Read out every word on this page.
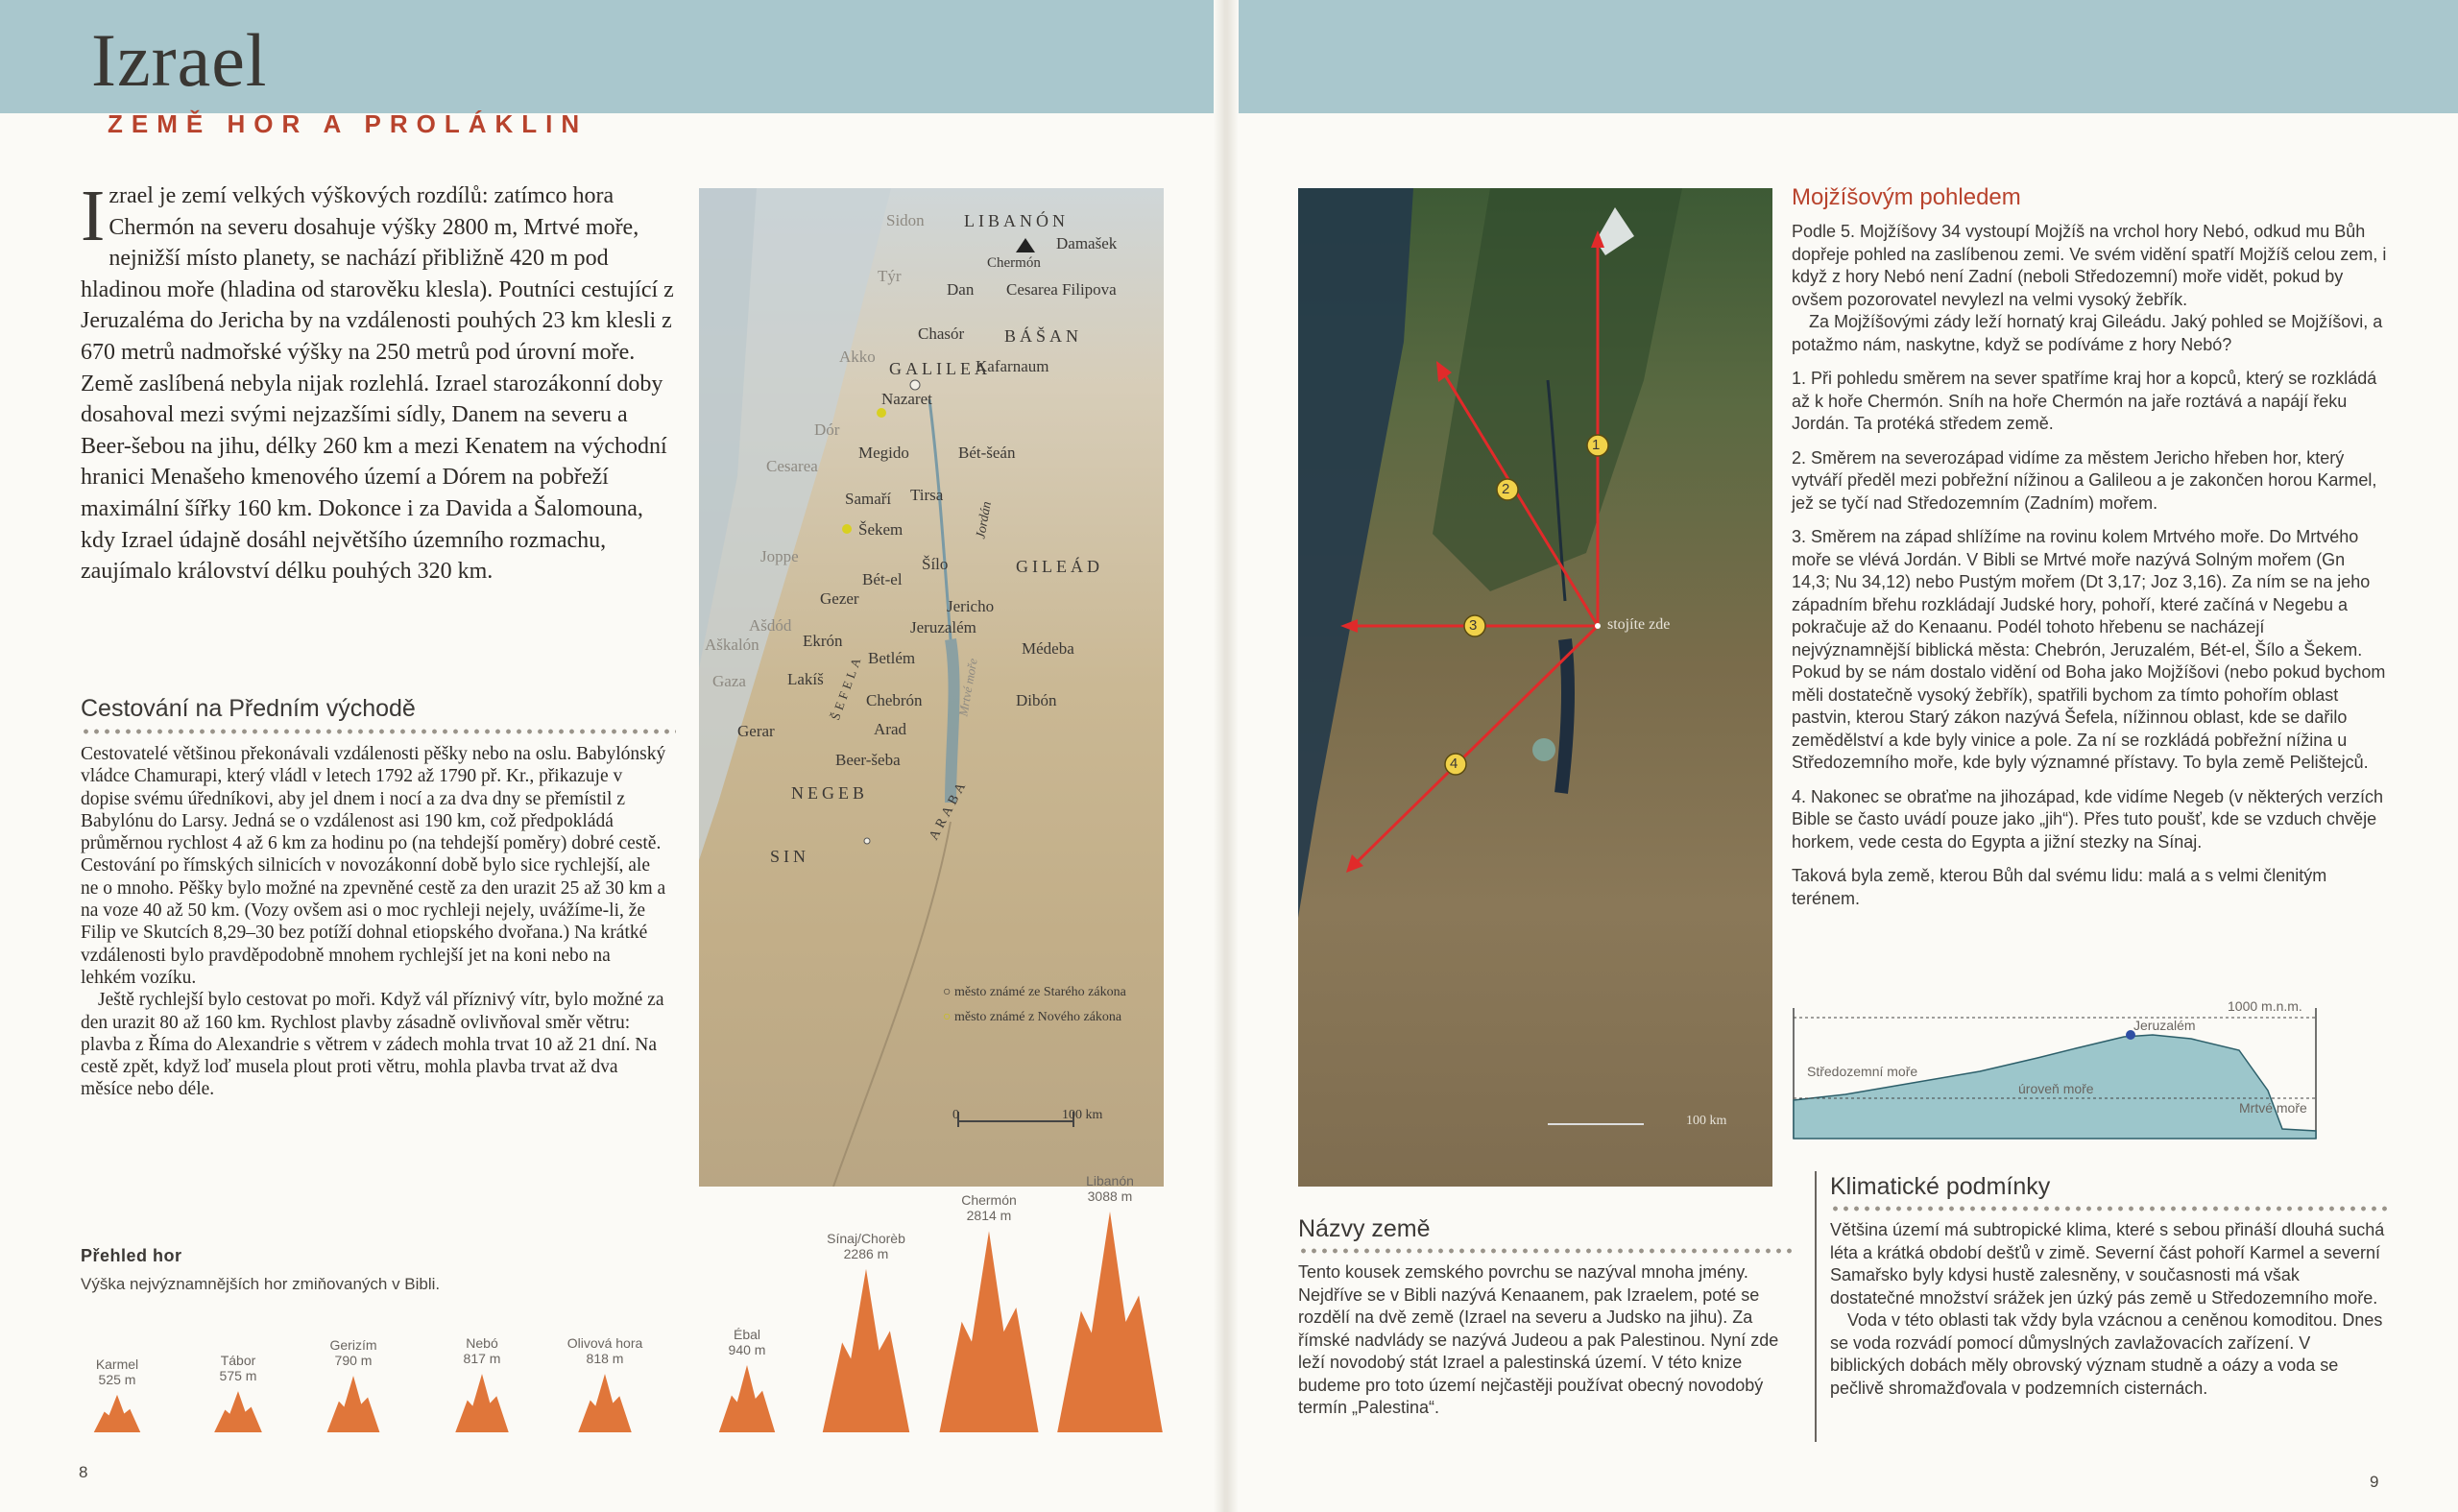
Izrael
ZEMĚ HOR A PROLÁKLIN

Izrael je zemí velkých výškových rozdílů: zatímco hora Chermón na severu dosahuje výšky 2800 m, Mrtvé moře, nejnižší místo planety, se nachází přibližně 420 m pod hladinou moře (hladina od starověku klesla). Poutníci cestující z Jeruzaléma do Jericha by na vzdálenosti pouhých 23 km klesli z 670 metrů nadmořské výšky na 250 metrů pod úrovní moře. Země zaslíbená nebyla nijak rozlehlá. Izrael starozákonní doby dosahoval mezi svými nejzazšími sídly, Danem na severu a Beer-šebou na jihu, délky 260 km a mezi Kenatem na východní hranici Menašeho kmenového území a Dórem na pobřeží maximální šířky 160 km. Dokonce i za Davida a Šalomouna, kdy Izrael údajně dosáhl největšího územního rozmachu, zaujímalo království délku pouhých 320 km.

Cestování na Předním východě

Cestovatelé většinou překonávali vzdálenosti pěšky nebo na oslu. Babylónský vládce Chamurapi, který vládl v letech 1792 až 1790 př. Kr., přikazuje v dopise svému úředníkovi, aby jel dnem i nocí a za dva dny se přemístil z Babylónu do Larsy. Jedná se o vzdálenost asi 190 km, což předpokládá průměrnou rychlost 4 až 6 km za hodinu po (na tehdejší poměry) dobré cestě. Cestování po římských silnicích v novozákonní době bylo sice rychlejší, ale ne o mnoho. Pěšky bylo možné na zpevněné cestě za den urazit 25 až 30 km a na voze 40 až 50 km. (Vozy ovšem asi o moc rychleji nejely, uvážíme-li, že Filip ve Skutcích 8,29–30 bez potíží dohnal etiopského dvořana.) Na krátké vzdálenosti bylo pravděpodobně mnohem rychlejší jet na koni nebo na lehkém vozíku.

Ještě rychlejší bylo cestovat po moři. Když vál příznivý vítr, bylo možné za den urazit 80 až 160 km. Rychlost plavby zásadně ovlivňoval směr větru: plavba z Říma do Alexandrie s větrem v zádech mohla trvat 10 až 21 dní. Na cestě zpět, když loď musela plout proti větru, mohla plavba trvat až dva měsíce nebo déle.

Sidon LIBANÓN
Damašek
Chermón
Týr
Dan Cesarea Filipova
Chasór BÁŠAN
Akko
GALILEA
Kafarnaum
Nazaret
Dór
Megido	Bét-šeán
Cesarea
Samaří Tirsa
Šekem	Jordán
Joppe	Šílo	GILEÁD
Bét-el
Gezer	Jericho
Ašdód
Aškalón	Ekrón
Jeruzalém
Médeba
Betlém
Gaza	Lakíš ŠEFELA	Mrtvé moře
Chebrón	Dibón
Gerar	Arad
Beer-šeba
NEGEB	ARABA
SIN
○ město známé ze Starého zákona
○ město známé z Nového zákona
0	100 km
1
2
3
4
stojíte zde
100 km
Mojžíšovým pohledem

Podle 5. Mojžíšovy 34 vystoupí Mojžíš na vrchol hory Nebó, odkud mu Bůh dopřeje pohled na zaslíbenou zemi. Ve svém vidění spatří Mojžíš celou zem, i když z hory Nebó není Zadní (neboli Středozemní) moře vidět, pokud by ovšem pozorovatel nevylezl na velmi vysoký žebřík.

Za Mojžíšovými zády leží hornatý kraj Gileádu. Jaký pohled se Mojžíšovi, a potažmo nám, naskytne, když se podíváme z hory Nebó?

1. Při pohledu směrem na sever spatříme kraj hor a kopců, který se rozkládá až k hoře Chermón. Sníh na hoře Chermón na jaře roztává a napájí řeku Jordán. Ta protéká středem země.

2. Směrem na severozápad vidíme za městem Jericho hřeben hor, který vytváří předěl mezi pobřežní nížinou a Galileou a je zakončen horou Karmel, jež se tyčí nad Středozemním (Zadním) mořem.

3. Směrem na západ shlížíme na rovinu kolem Mrtvého moře. Do Mrtvého moře se vlévá Jordán. V Bibli se Mrtvé moře nazývá Solným mořem (Gn 14,3; Nu 34,12) nebo Pustým mořem (Dt 3,17; Joz 3,16). Za ním se na jeho západním břehu rozkládají Judské hory, pohoří, které začíná v Negebu a pokračuje až do Kenaanu. Podél tohoto hřebenu se nacházejí nejvýznamnější biblická města: Chebrón, Jeruzalém, Bét-el, Šílo a Šekem. Pokud by se nám dostalo vidění od Boha jako Mojžíšovi (nebo pokud bychom měli dostatečně vysoký žebřík), spatřili bychom za tímto pohořím oblast pastvin, kterou Starý zákon nazývá Šefela, nížinnou oblast, kde se dařilo zemědělství a kde byly vinice a pole. Za ní se rozkládá pobřežní nížina u Středozemního moře, kde byly významné přístavy. To byla země Pelištejců.

4. Nakonec se obraťme na jihozápad, kde vidíme Negeb (v některých verzích Bible se často uvádí pouze jako „jih“). Přes tuto poušť, kde se vzduch chvěje horkem, vede cesta do Egypta a jižní stezky na Sínaj.

Taková byla země, kterou Bůh dal svému lidu: malá a s velmi členitým terénem.

1000 m.n.m.
Jeruzalém
Středozemní moře
úroveň moře
Mrtvé moře
Názvy země

Tento kousek zemského povrchu se nazýval mnoha jmény. Nejdříve se v Bibli nazývá Kenaanem, pak Izraelem, poté se rozdělí na dvě země (Izrael na severu a Judsko na jihu). Za římské nadvlády se nazývá Judeou a pak Palestinou. Nyní zde leží novodobý stát Izrael a palestinská území. V této knize budeme pro toto území nejčastěji používat obecný novodobý termín „Palestina“.

Klimatické podmínky

Většina území má subtropické klima, které s sebou přináší dlouhá suchá léta a krátká období dešťů v zimě. Severní část pohoří Karmel a severní Samařsko byly kdysi hustě zalesněny, v současnosti má však dostatečné množství srážek jen úzký pás země u Středozemního moře.

Voda v této oblasti tak vždy byla vzácnou a ceněnou komoditou. Dnes se voda rozvádí pomocí důmyslných zavlažovacích zařízení. V biblických dobách měly obrovský význam studně a oázy a voda se pečlivě shromažďovala v podzemních cisternách.

Přehled hor
Výška nejvýznamnějších hor zmiňovaných v Bibli.
Karmel
525 m
Tábor
575 m
Gerizím
790 m
Nebó
817 m
Olivová hora
818 m
Ébal
940 m
Sínaj/Chorèb
2286 m
Chermón
2814 m
Libanón
3088 m
8
9
